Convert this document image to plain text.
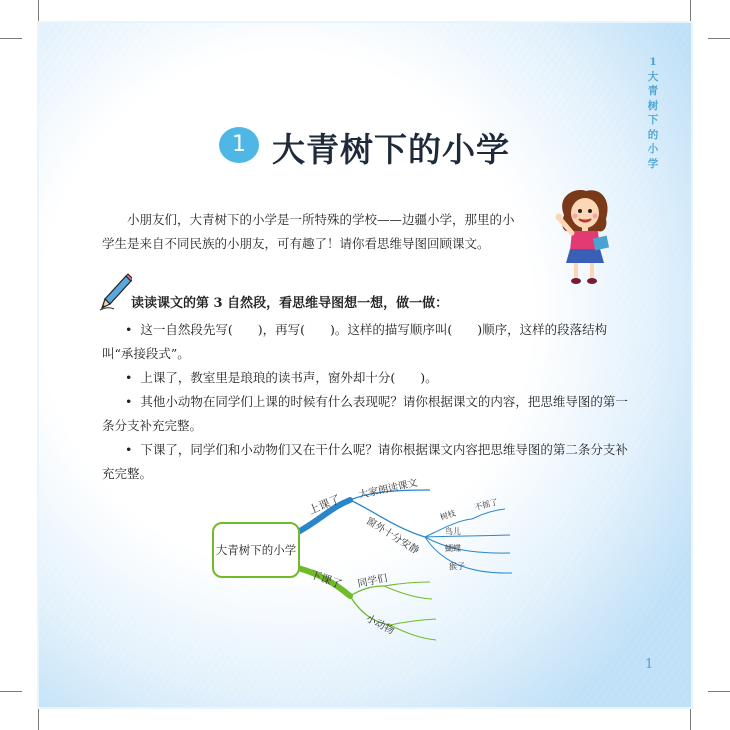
1大青树下的小学
1 大青树下的小学
小朋友们，大青树下的小学是一所特殊的学校——边疆小学，那里的小学生是来自不同民族的小朋友，可有趣了！请你看思维导图回顾课文。
读读课文的第 3 自然段，看思维导图想一想，做一做：
• 这一自然段先写(　　)，再写(　　)。这样的描写顺序叫(　　)顺序，这样的段落结构叫“承接段式”。
• 上课了，教室里是琅琅的读书声，窗外却十分(　　)。
• 其他小动物在同学们上课的时候有什么表现呢？请你根据课文的内容，把思维导图的第一条分支补充完整。
• 下课了，同学们和小动物们又在干什么呢？请你根据课文内容把思维导图的第二条分支补充完整。
大青树下的小学
上课了
大家朗读课文
窗外十分安静
树枝
不摇了
鸟儿
蝴蝶
猴子
下课了 同学们
小动物
1
